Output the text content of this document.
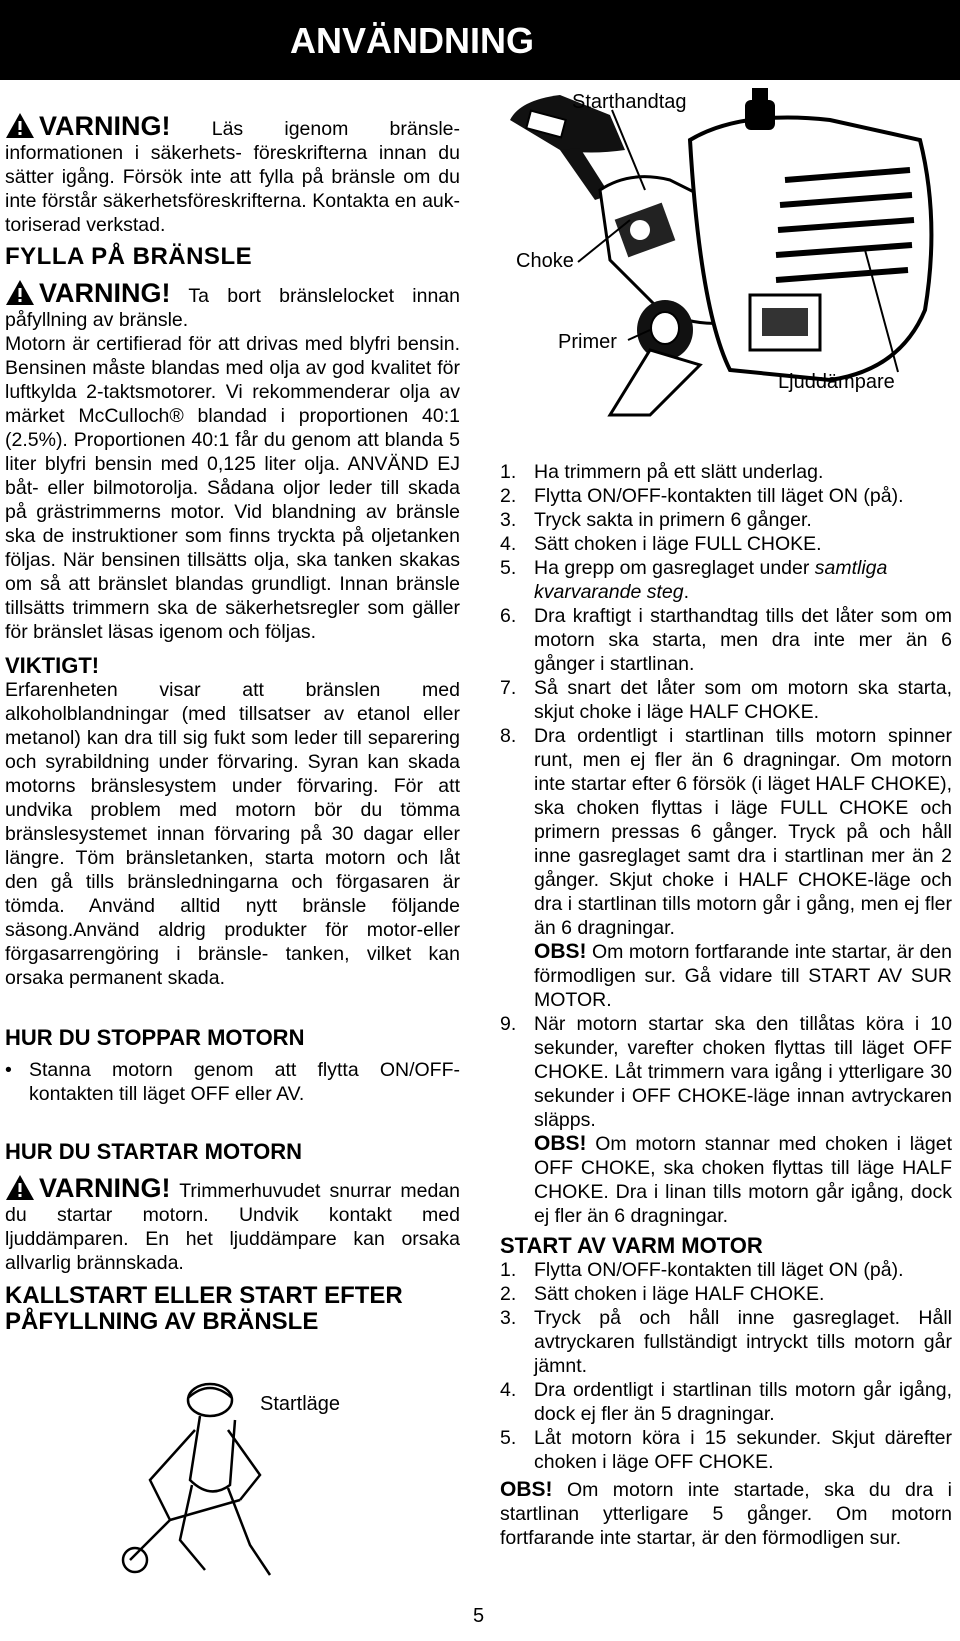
ANVÄNDNING
Starthandtag
Choke
Primer
Ljuddämpare

VARNING! Läs igenom bränsle-informationen i säkerhets- föreskrifterna innan du sätter igång. Försök inte att fylla på bränsle om du inte förstår säkerhetsföreskrifterna. Kontakta en auk-toriserad verkstad.

FYLLA PÅ BRÄNSLE

VARNING! Ta bort bränslelocket innan påfyllning av bränsle.

Motorn är certifierad för att drivas med blyfri bensin. Bensinen måste blandas med olja av god kvalitet för luftkylda 2-taktsmotorer. Vi rekommenderar olja av märket McCulloch® blandad i proportionen 40:1 (2.5%). Proportionen 40:1 får du genom att blanda 5 liter blyfri bensin med 0,125 liter olja. ANVÄND EJ båt- eller bilmotorolja. Sådana oljor leder till skada på grästrimmerns motor. Vid blandning av bränsle ska de instruktioner som finns tryckta på oljetanken följas. När bensinen tillsätts olja, ska tanken skakas om så att bränslet blandas grundligt. Innan bränsle tillsätts trimmern ska de säkerhetsregler som gäller för bränslet läsas igenom och följas.

VIKTIGT!

Erfarenheten visar att bränslen med alkoholblandningar (med tillsatser av etanol eller metanol) kan dra till sig fukt som leder till separering och syrabildning under förvaring. Syran kan skada motorns bränslesystem under förvaring. För att undvika problem med motorn bör du tömma bränslesystemet innan förvaring på 30 dagar eller längre. Töm bränsletanken, starta motorn och låt den gå tills bränsledningarna och förgasaren är tömda. Använd alltid nytt bränsle följande säsong.Använd aldrig produkter för motor-eller förgasarrengöring i bränsle- tanken, vilket kan orsaka permanent skada.

HUR DU STOPPAR MOTORN
• Stanna motorn genom att flytta ON/OFF-kontakten till läget OFF eller AV.

HUR DU STARTAR MOTORN

VARNING! Trimmerhuvudet snurrar medan du startar motorn. Undvik kontakt med ljuddämparen. En het ljuddämpare kan orsaka allvarlig brännskada.

KALLSTART ELLER START EFTER PÅFYLLNING AV BRÄNSLE
Startläge
1. Ha trimmern på ett slätt underlag.
2. Flytta ON/OFF-kontakten till läget ON (på).
3. Tryck sakta in primern 6 gånger.
4. Sätt choken i läge FULL CHOKE.
5. Ha grepp om gasreglaget under samtliga kvarvarande steg.
6. Dra kraftigt i starthandtag tills det låter som om motorn ska starta, men dra inte mer än 6 gånger i startlinan.
7. Så snart det låter som om motorn ska starta, skjut choke i läge HALF CHOKE.
8. Dra ordentligt i startlinan tills motorn spinner runt, men ej fler än 6 dragningar. Om motorn inte startar efter 6 försök (i läget HALF CHOKE), ska choken flyttas i läge FULL CHOKE och primern pressas 6 gånger. Tryck på och håll inne gasreglaget samt dra i startlinan mer än 2 gånger. Skjut choke i HALF CHOKE-läge och dra i startlinan tills motorn går i gång, men ej fler än 6 dragningar.
OBS! Om motorn fortfarande inte startar, är den förmodligen sur. Gå vidare till START AV SUR MOTOR.
9. När motorn startar ska den tillåtas köra i 10 sekunder, varefter choken flyttas till läget OFF CHOKE. Låt trimmern vara igång i ytterligare 30 sekunder i OFF CHOKE-läge innan avtryckaren släpps.
OBS! Om motorn stannar med choken i läget OFF CHOKE, ska choken flyttas till läge HALF CHOKE. Dra i linan tills motorn går igång, dock ej fler än 6 dragningar.
START AV VARM MOTOR
1. Flytta ON/OFF-kontakten till läget ON (på).
2. Sätt choken i läge HALF CHOKE.
3. Tryck på och håll inne gasreglaget. Håll avtryckaren fullständigt intryckt tills motorn går jämnt.
4. Dra ordentligt i startlinan tills motorn går igång, dock ej fler än 5 dragningar.
5. Låt motorn köra i 15 sekunder. Skjut därefter choken i läge OFF CHOKE.

OBS! Om motorn inte startade, ska du dra i startlinan ytterligare 5 gånger. Om motorn fortfarande inte startar, är den förmodligen sur.

5
